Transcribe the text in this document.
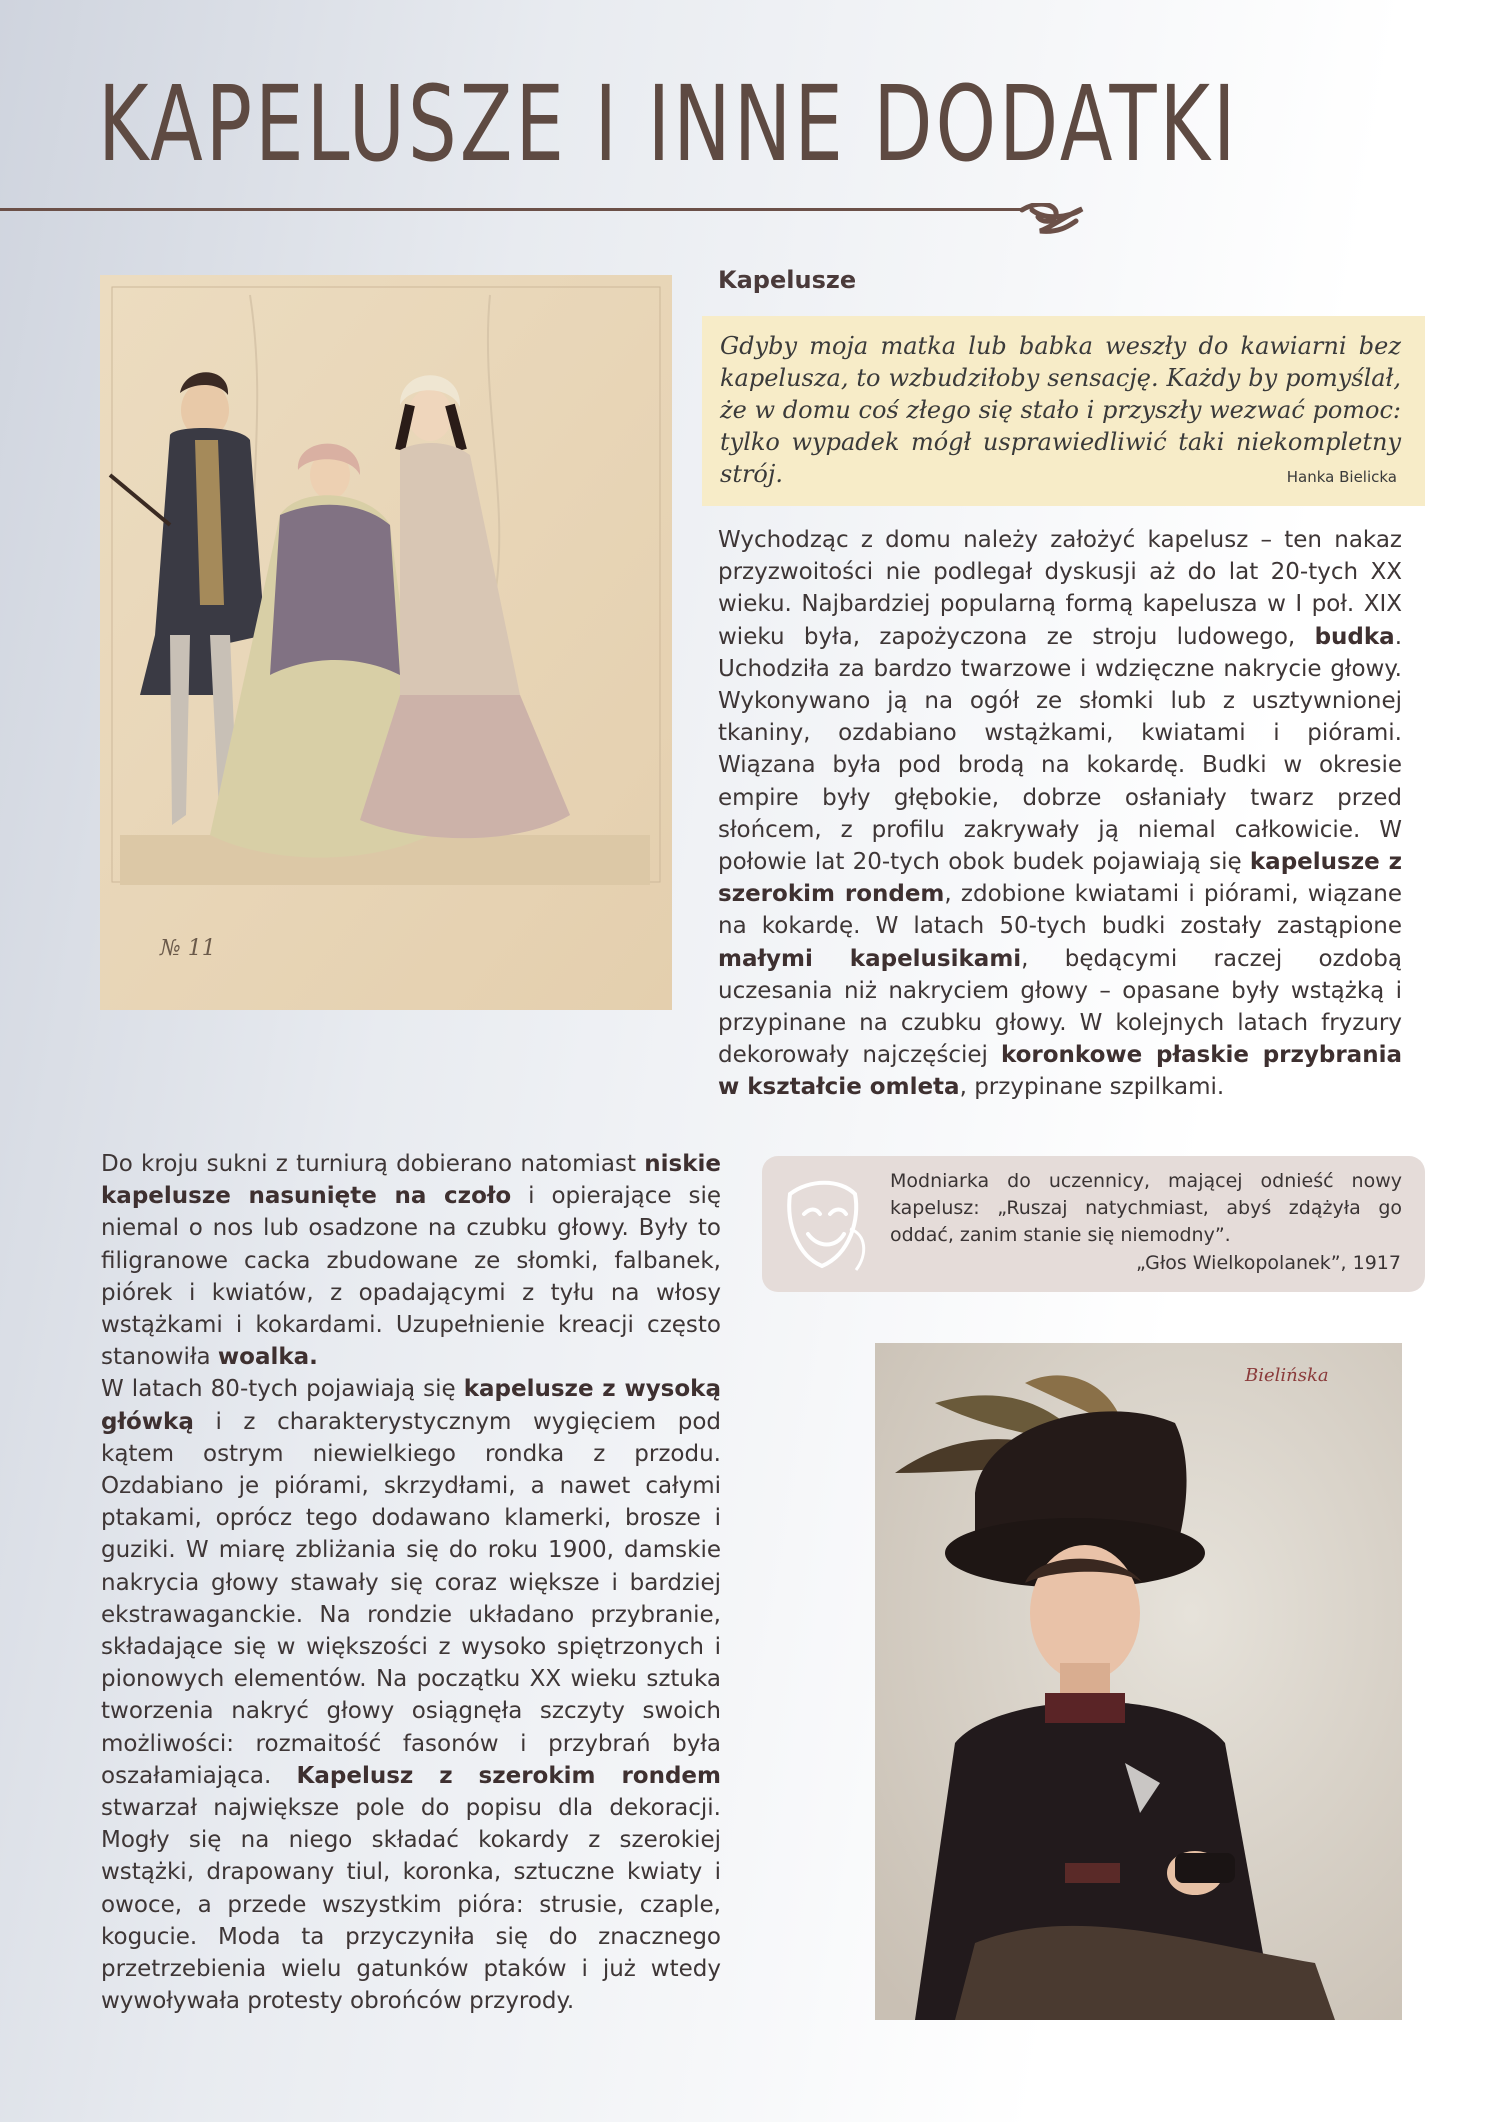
KAPELUSZE I INNE DODATKI
№ 11
Kapelusze

Gdyby moja matka lub babka weszły do kawiarni bez kapelusza, to wzbudziłoby sensację. Każdy by pomyślał, że w domu coś złego się stało i przyszły wezwać pomoc: tylko wypadek mógł usprawiedliwić taki niekompletny strój.	Hanka Bielicka

Wychodząc z domu należy założyć kapelusz – ten nakaz przyzwoitości nie podlegał dyskusji aż do lat 20-tych XX wieku. Najbardziej popularną formą kapelusza w I poł. XIX wieku była, zapożyczona ze stroju ludowego, budka. Uchodziła za bardzo twarzowe i wdzięczne nakrycie głowy. Wykonywano ją na ogół ze słomki lub z usztywnionej tkaniny, ozdabiano wstążkami, kwiatami i piórami. Wiązana była pod brodą na kokardę. Budki w okresie empire były głębokie, dobrze osłaniały twarz przed słońcem, z profilu zakrywały ją niemal całkowicie. W połowie lat 20-tych obok budek pojawiają się kapelusze z szerokim rondem, zdobione kwiatami i piórami, wiązane na kokardę. W latach 50-tych budki zostały zastąpione małymi kapelusikami, będącymi raczej ozdobą uczesania niż nakryciem głowy – opasane były wstążką i przypinane na czubku głowy. W kolejnych latach fryzury dekorowały najczęściej koronkowe płaskie przybrania w kształcie omleta, przypinane szpilkami.

Do kroju sukni z turniurą dobierano natomiast niskie kapelusze nasunięte na czoło i opierające się niemal o nos lub osadzone na czubku głowy. Były to filigranowe cacka zbudowane ze słomki, falbanek, piórek i kwiatów, z opadającymi z tyłu na włosy wstążkami i kokardami. Uzupełnienie kreacji często stanowiła woalka.
W latach 80-tych pojawiają się kapelusze z wysoką główką i z charakterystycznym wygięciem pod kątem ostrym niewielkiego rondka z przodu. Ozdabiano je piórami, skrzydłami, a nawet całymi ptakami, oprócz tego dodawano klamerki, brosze i guziki. W miarę zbliżania się do roku 1900, damskie nakrycia głowy stawały się coraz większe i bardziej ekstrawaganckie. Na rondzie układano przybranie, składające się w większości z wysoko spiętrzonych i pionowych elementów. Na początku XX wieku sztuka tworzenia nakryć głowy osiągnęła szczyty swoich możliwości: rozmaitość fasonów i przybrań była oszałamiająca. Kapelusz z szerokim rondem stwarzał największe pole do popisu dla dekoracji. Mogły się na niego składać kokardy z szerokiej wstążki, drapowany tiul, koronka, sztuczne kwiaty i owoce, a przede wszystkim pióra: strusie, czaple, kogucie. Moda ta przyczyniła się do znacznego przetrzebienia wielu gatunków ptaków i już wtedy wywoływała protesty obrońców przyrody.

Modniarka do uczennicy, mającej odnieść nowy kapelusz: „Ruszaj natychmiast, abyś zdążyła go oddać, zanim stanie się niemodny”.

„Głos Wielkopolanek”, 1917
Bielińska
